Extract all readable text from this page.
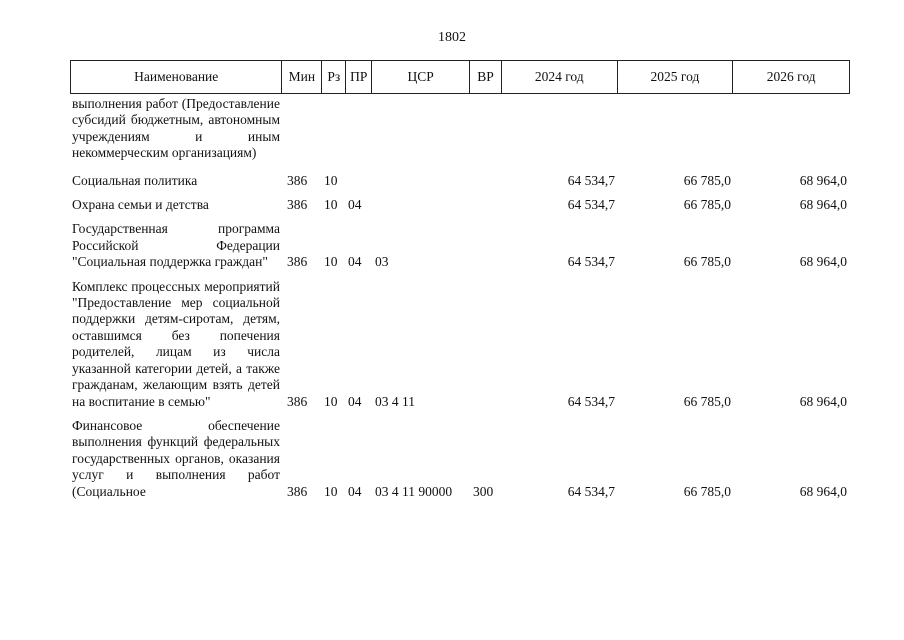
1802
Наименование	Мин Рз ПР	ЦСР	ВР	2024 год	2025 год	2026 год
выполнения работ (Предоставление субсидий бюджетным, автономным учреждениям и иным некоммерческим организациям)
Социальная политика	386	10	64 534,7	66 785,0	68 964,0
Охрана семьи и детства	386	10 04	64 534,7	66 785,0	68 964,0
Государственная программа Российской Федерации "Социальная поддержка граждан"	386	10 04	03	64 534,7	66 785,0	68 964,0
Комплекс процессных мероприятий "Предоставление мер социальной поддержки детям-сиротам, детям, оставшимся без попечения родителей, лицам из числа указанной категории детей, а также гражданам, желающим взять детей на воспитание в семью"	386	10 04	03 4 11	64 534,7	66 785,0	68 964,0
Финансовое обеспечение выполнения функций федеральных государственных органов, оказания услуг и выполнения работ (Социальное	386	10 04	03 4 11 90000	300	64 534,7	66 785,0	68 964,0
